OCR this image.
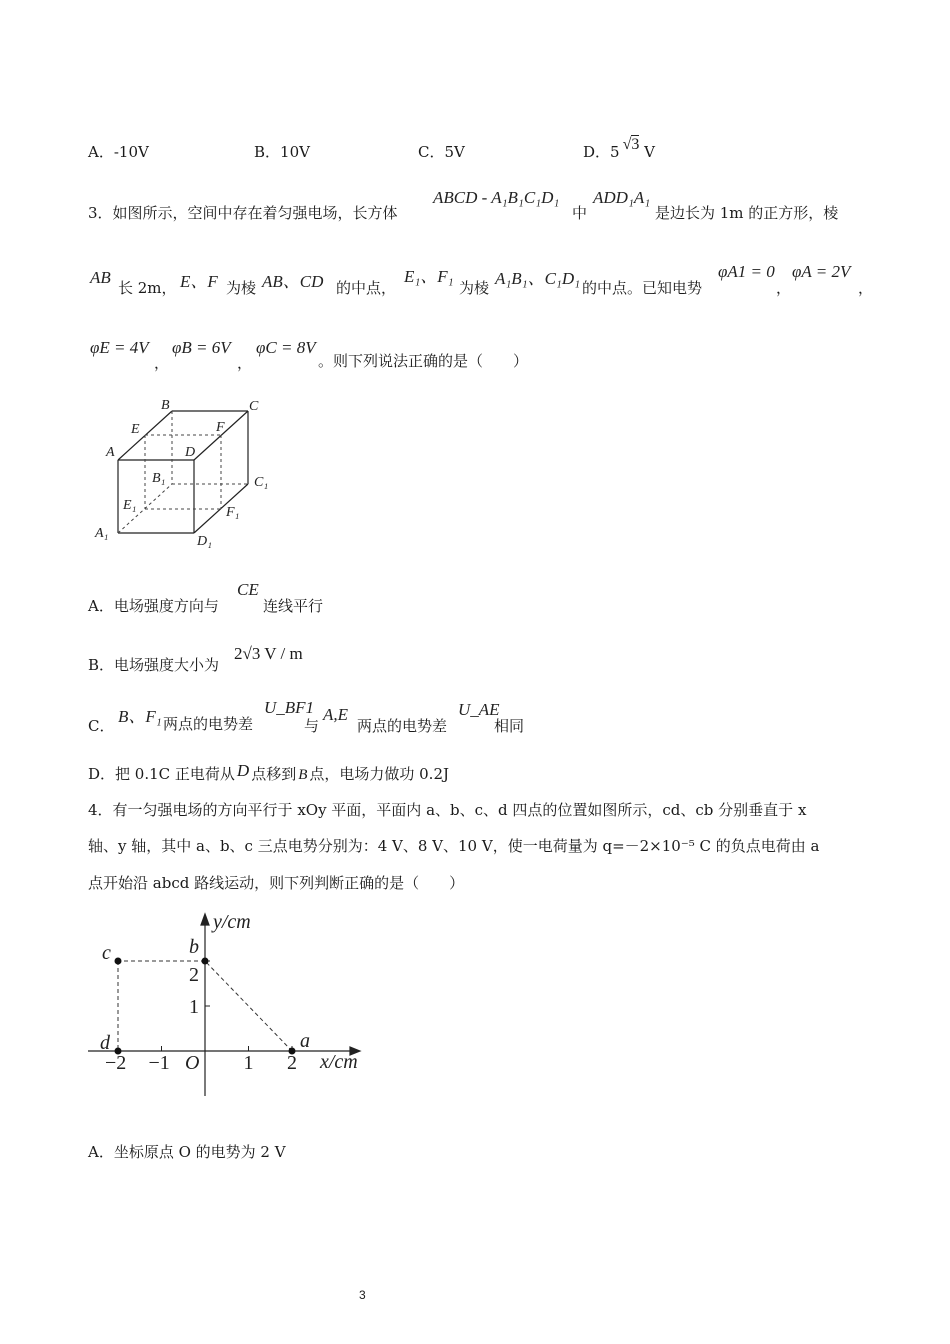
A．-10V	B．10V	C．5V	D．5 √3 V
3．如图所示，空间中存在着匀强电场，长方体
ABCD - A₁B₁C₁D₁
中
ADD₁A₁
是边长为 1m 的正方形，棱
AB
长 2m， E、F 为棱 AB、CD 的中点，
E₁、F₁
为棱 A₁B₁、C₁D₁ 的中点。已知电势
φA1 = 0
，
φA = 2V
，
φE = 4V
，
φB = 6V
，
φC = 8V
。则下列说法正确的是（　　）
B	C
E	F
A	D
B₁	C₁
E₁	F₁
A₁
D₁
A．电场强度方向与
CE
连线平行
B．电场强度大小为
2√3 V / m
C． B、F₁ 两点的电势差
U_BF1
与
A,E
两点的电势差
U_AE
相同
D．把 0.1C 正电荷从 D 点移到 B 点，电场力做功 0.2J
4．有一匀强电场的方向平行于 xOy 平面，平面内 a、b、c、d 四点的位置如图所示，cd、cb 分别垂直于 x
轴、y 轴，其中 a、b、c 三点电势分别为：4 V、8 V、10 V，使一电荷量为 q=－2×10⁻⁵ C 的负点电荷由 a
点开始沿 abcd 路线运动，则下列判断正确的是（　　）
y/cm
x/cm
O
−2 −1	1 2
1
2
a
b
c
d
A．坐标原点 O 的电势为 2 V
3
